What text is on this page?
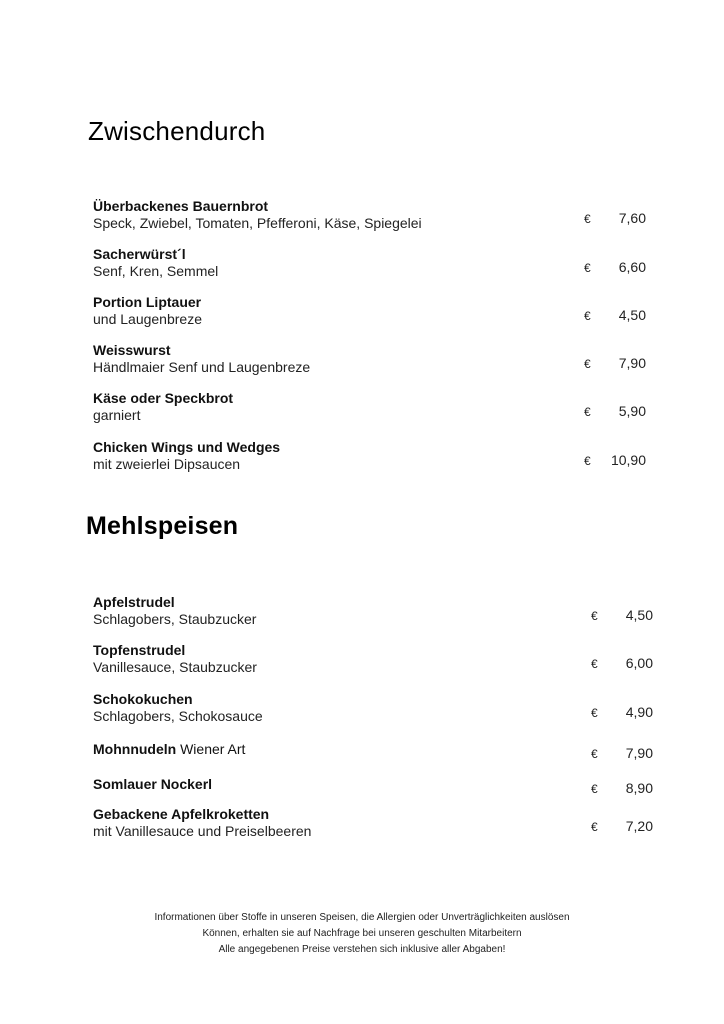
Zwischendurch
Überbackenes Bauernbrot
Speck, Zwiebel, Tomaten, Pfefferoni, Käse, Spiegelei	€ 7,60
Sacherwürst´l
Senf, Kren, Semmel	€ 6,60
Portion Liptauer
und Laugenbreze	€ 4,50
Weisswurst
Händlmaier Senf und Laugenbreze	€ 7,90
Käse oder Speckbrot
garniert	€ 5,90
Chicken Wings und Wedges
mit zweierlei Dipsaucen	€ 10,90
Mehlspeisen
Apfelstrudel
Schlagobers, Staubzucker	€ 4,50
Topfenstrudel
Vanillesauce, Staubzucker	€ 6,00
Schokokuchen
Schlagobers, Schokosauce	€ 4,90
Mohnnudeln Wiener Art	€ 7,90
Somlauer Nockerl	€ 8,90
Gebackene Apfelkroketten
mit Vanillesauce und Preiselbeeren	€ 7,20
Informationen über Stoffe in unseren Speisen, die Allergien oder Unverträglichkeiten auslösen
Können, erhalten sie auf Nachfrage bei unseren geschulten Mitarbeitern
Alle angegebenen Preise verstehen sich inklusive aller Abgaben!
